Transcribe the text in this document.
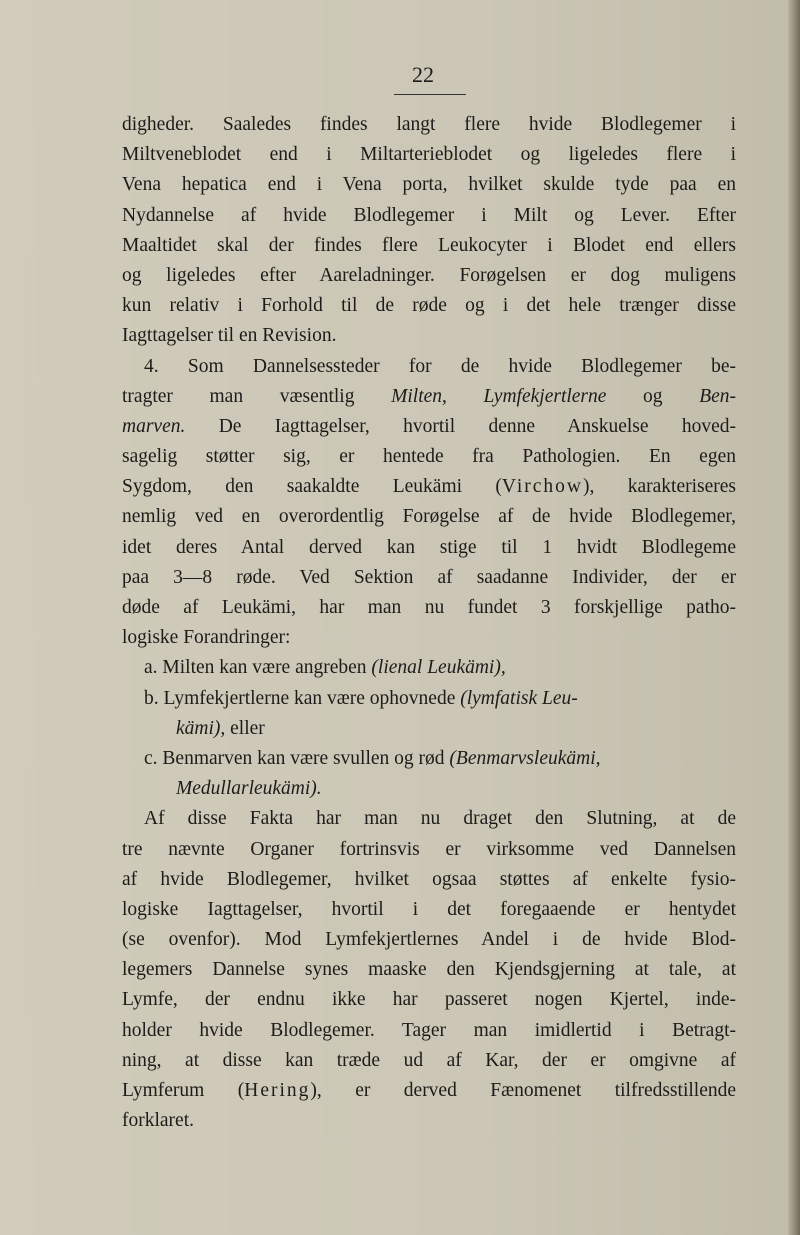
22
digheder. Saaledes findes langt flere hvide Blodlegemer i
Miltveneblodet end i Miltarterieblodet og ligeledes flere i
Vena hepatica end i Vena porta, hvilket skulde tyde paa en
Nydannelse af hvide Blodlegemer i Milt og Lever. Efter
Maaltidet skal der findes flere Leukocyter i Blodet end ellers
og ligeledes efter Aareladninger. Forøgelsen er dog muligens
kun relativ i Forhold til de røde og i det hele trænger disse
Iagttagelser til en Revision.
4. Som Dannelsessteder for de hvide Blodlegemer be-
tragter man væsentlig Milten, Lymfekjertlerne og Ben-
marven. De Iagttagelser, hvortil denne Anskuelse hoved-
sagelig støtter sig, er hentede fra Pathologien. En egen
Sygdom, den saakaldte Leukämi (Virchow), karakteriseres
nemlig ved en overordentlig Forøgelse af de hvide Blodlegemer,
idet deres Antal derved kan stige til 1 hvidt Blodlegeme
paa 3—8 røde. Ved Sektion af saadanne Individer, der er
døde af Leukämi, har man nu fundet 3 forskjellige patho-
logiske Forandringer:
a. Milten kan være angreben (lienal Leukämi),
b. Lymfekjertlerne kan være ophovnede (lymfatisk Leu-
kämi), eller
c. Benmarven kan være svullen og rød (Benmarvsleukämi,
Medullarleukämi).
Af disse Fakta har man nu draget den Slutning, at de
tre nævnte Organer fortrinsvis er virksomme ved Dannelsen
af hvide Blodlegemer, hvilket ogsaa støttes af enkelte fysio-
logiske Iagttagelser, hvortil i det foregaaende er hentydet
(se ovenfor). Mod Lymfekjertlernes Andel i de hvide Blod-
legemers Dannelse synes maaske den Kjendsgjerning at tale, at
Lymfe, der endnu ikke har passeret nogen Kjertel, inde-
holder hvide Blodlegemer. Tager man imidlertid i Betragt-
ning, at disse kan træde ud af Kar, der er omgivne af
Lymferum (Hering), er derved Fænomenet tilfredsstillende
forklaret.
